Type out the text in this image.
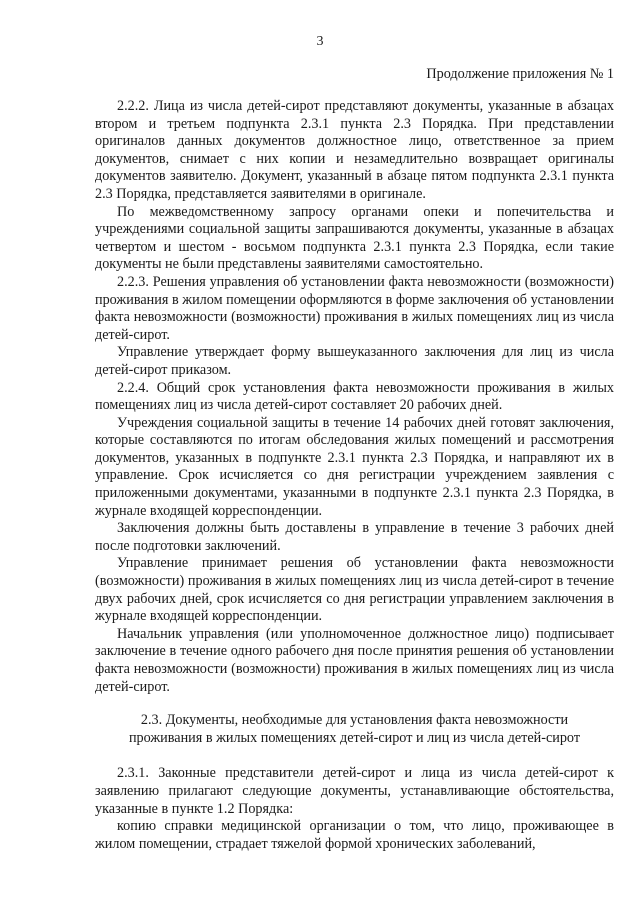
3
Продолжение приложения № 1

2.2.2. Лица из числа детей-сирот представляют документы, указанные в абзацах втором и третьем подпункта 2.3.1 пункта 2.3 Порядка. При представлении оригиналов данных документов должностное лицо, ответственное за прием документов, снимает с них копии и незамедлительно возвращает оригиналы документов заявителю. Документ, указанный в абзаце пятом подпункта 2.3.1 пункта 2.3 Порядка, представляется заявителями в оригинале.

По межведомственному запросу органами опеки и попечительства и учреждениями социальной защиты запрашиваются документы, указанные в абзацах четвертом и шестом - восьмом подпункта 2.3.1 пункта 2.3 Порядка, если такие документы не были представлены заявителями самостоятельно.

2.2.3. Решения управления об установлении факта невозможности (возможности) проживания в жилом помещении оформляются в форме заключения об установлении факта невозможности (возможности) проживания в жилых помещениях лиц из числа детей-сирот.

Управление утверждает форму вышеуказанного заключения для лиц из числа детей-сирот приказом.

2.2.4. Общий срок установления факта невозможности проживания в жилых помещениях лиц из числа детей-сирот составляет 20 рабочих дней.

Учреждения социальной защиты в течение 14 рабочих дней готовят заключения, которые составляются по итогам обследования жилых помещений и рассмотрения документов, указанных в подпункте 2.3.1 пункта 2.3 Порядка, и направляют их в управление. Срок исчисляется со дня регистрации учреждением заявления с приложенными документами, указанными в подпункте 2.3.1 пункта 2.3 Порядка, в журнале входящей корреспонденции.

Заключения должны быть доставлены в управление в течение 3 рабочих дней после подготовки заключений.

Управление принимает решения об установлении факта невозможности (возможности) проживания в жилых помещениях лиц из числа детей-сирот в течение двух рабочих дней, срок исчисляется со дня регистрации управлением заключения в журнале входящей корреспонденции.

Начальник управления (или уполномоченное должностное лицо) подписывает заключение в течение одного рабочего дня после принятия решения об установлении факта невозможности (возможности) проживания в жилых помещениях лиц из числа детей-сирот.

2.3. Документы, необходимые для установления факта невозможности проживания в жилых помещениях детей-сирот и лиц из числа детей-сирот

2.3.1. Законные представители детей-сирот и лица из числа детей-сирот к заявлению прилагают следующие документы, устанавливающие обстоятельства, указанные в пункте 1.2 Порядка:

копию справки медицинской организации о том, что лицо, проживающее в жилом помещении, страдает тяжелой формой хронических заболеваний,
